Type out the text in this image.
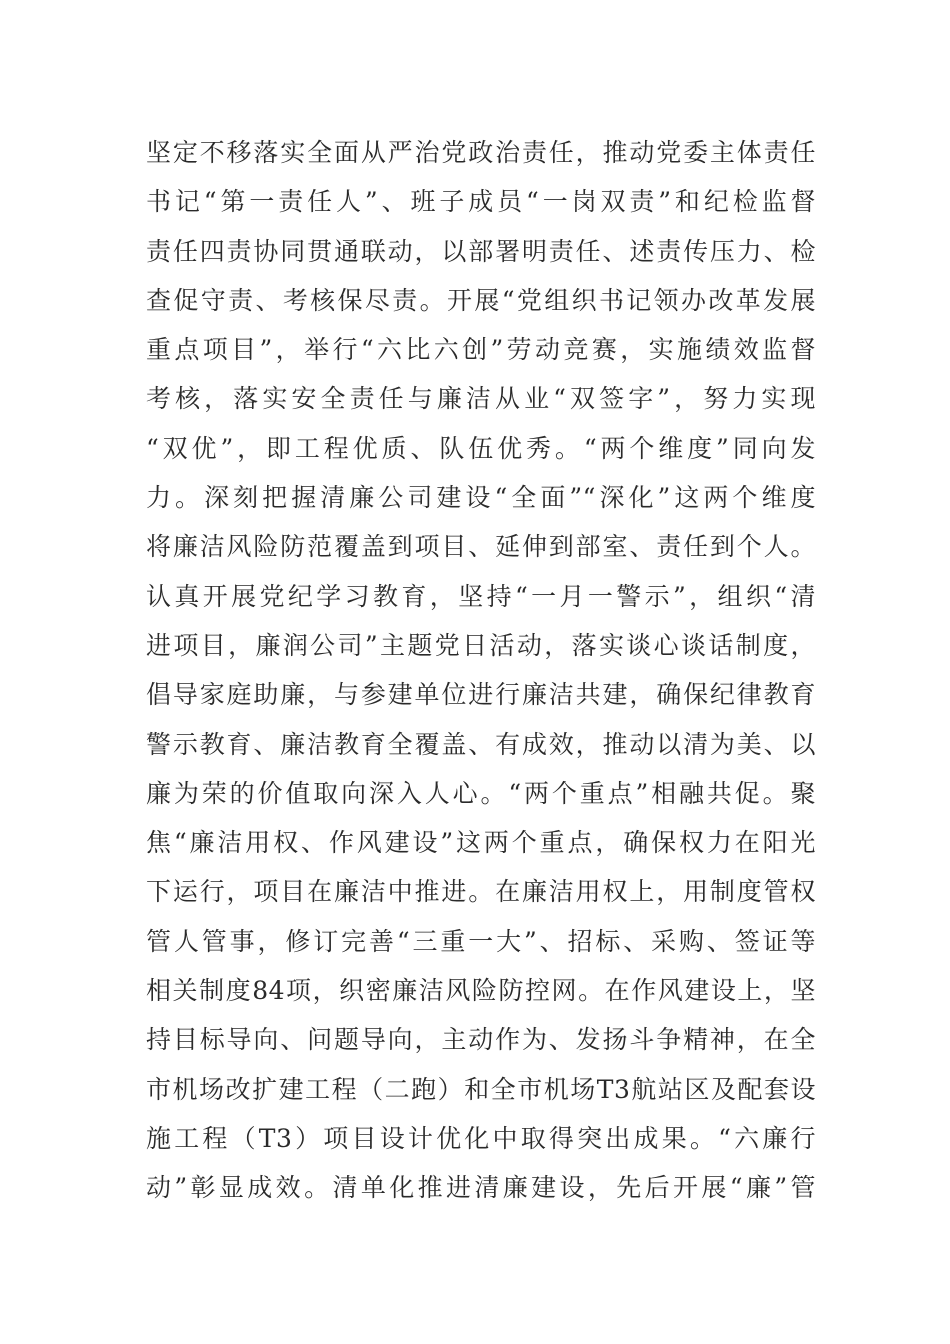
坚定不移落实全面从严治党政治责任，推动党委主体责任
书记“第一责任人”、班子成员“一岗双责”和纪检监督
责任四责协同贯通联动，以部署明责任、述责传压力、检
查促守责、考核保尽责。开展“党组织书记领办改革发展
重点项目”，举行“六比六创”劳动竞赛，实施绩效监督
考核，落实安全责任与廉洁从业“双签字”，努力实现
“双优”，即工程优质、队伍优秀。“两个维度”同向发
力。深刻把握清廉公司建设“全面”“深化”这两个维度
将廉洁风险防范覆盖到项目、延伸到部室、责任到个人。
认真开展党纪学习教育，坚持“一月一警示”，组织“清
进项目，廉润公司”主题党日活动，落实谈心谈话制度，
倡导家庭助廉，与参建单位进行廉洁共建，确保纪律教育
警示教育、廉洁教育全覆盖、有成效，推动以清为美、以
廉为荣的价值取向深入人心。“两个重点”相融共促。聚
焦“廉洁用权、作风建设”这两个重点，确保权力在阳光
下运行，项目在廉洁中推进。在廉洁用权上，用制度管权
管人管事，修订完善“三重一大”、招标、采购、签证等
相关制度84项，织密廉洁风险防控网。在作风建设上，坚
持目标导向、问题导向，主动作为、发扬斗争精神，在全
市机场改扩建工程（二跑）和全市机场T3航站区及配套设
施工程（T3）项目设计优化中取得突出成果。“六廉行
动”彰显成效。清单化推进清廉建设，先后开展“廉”管
